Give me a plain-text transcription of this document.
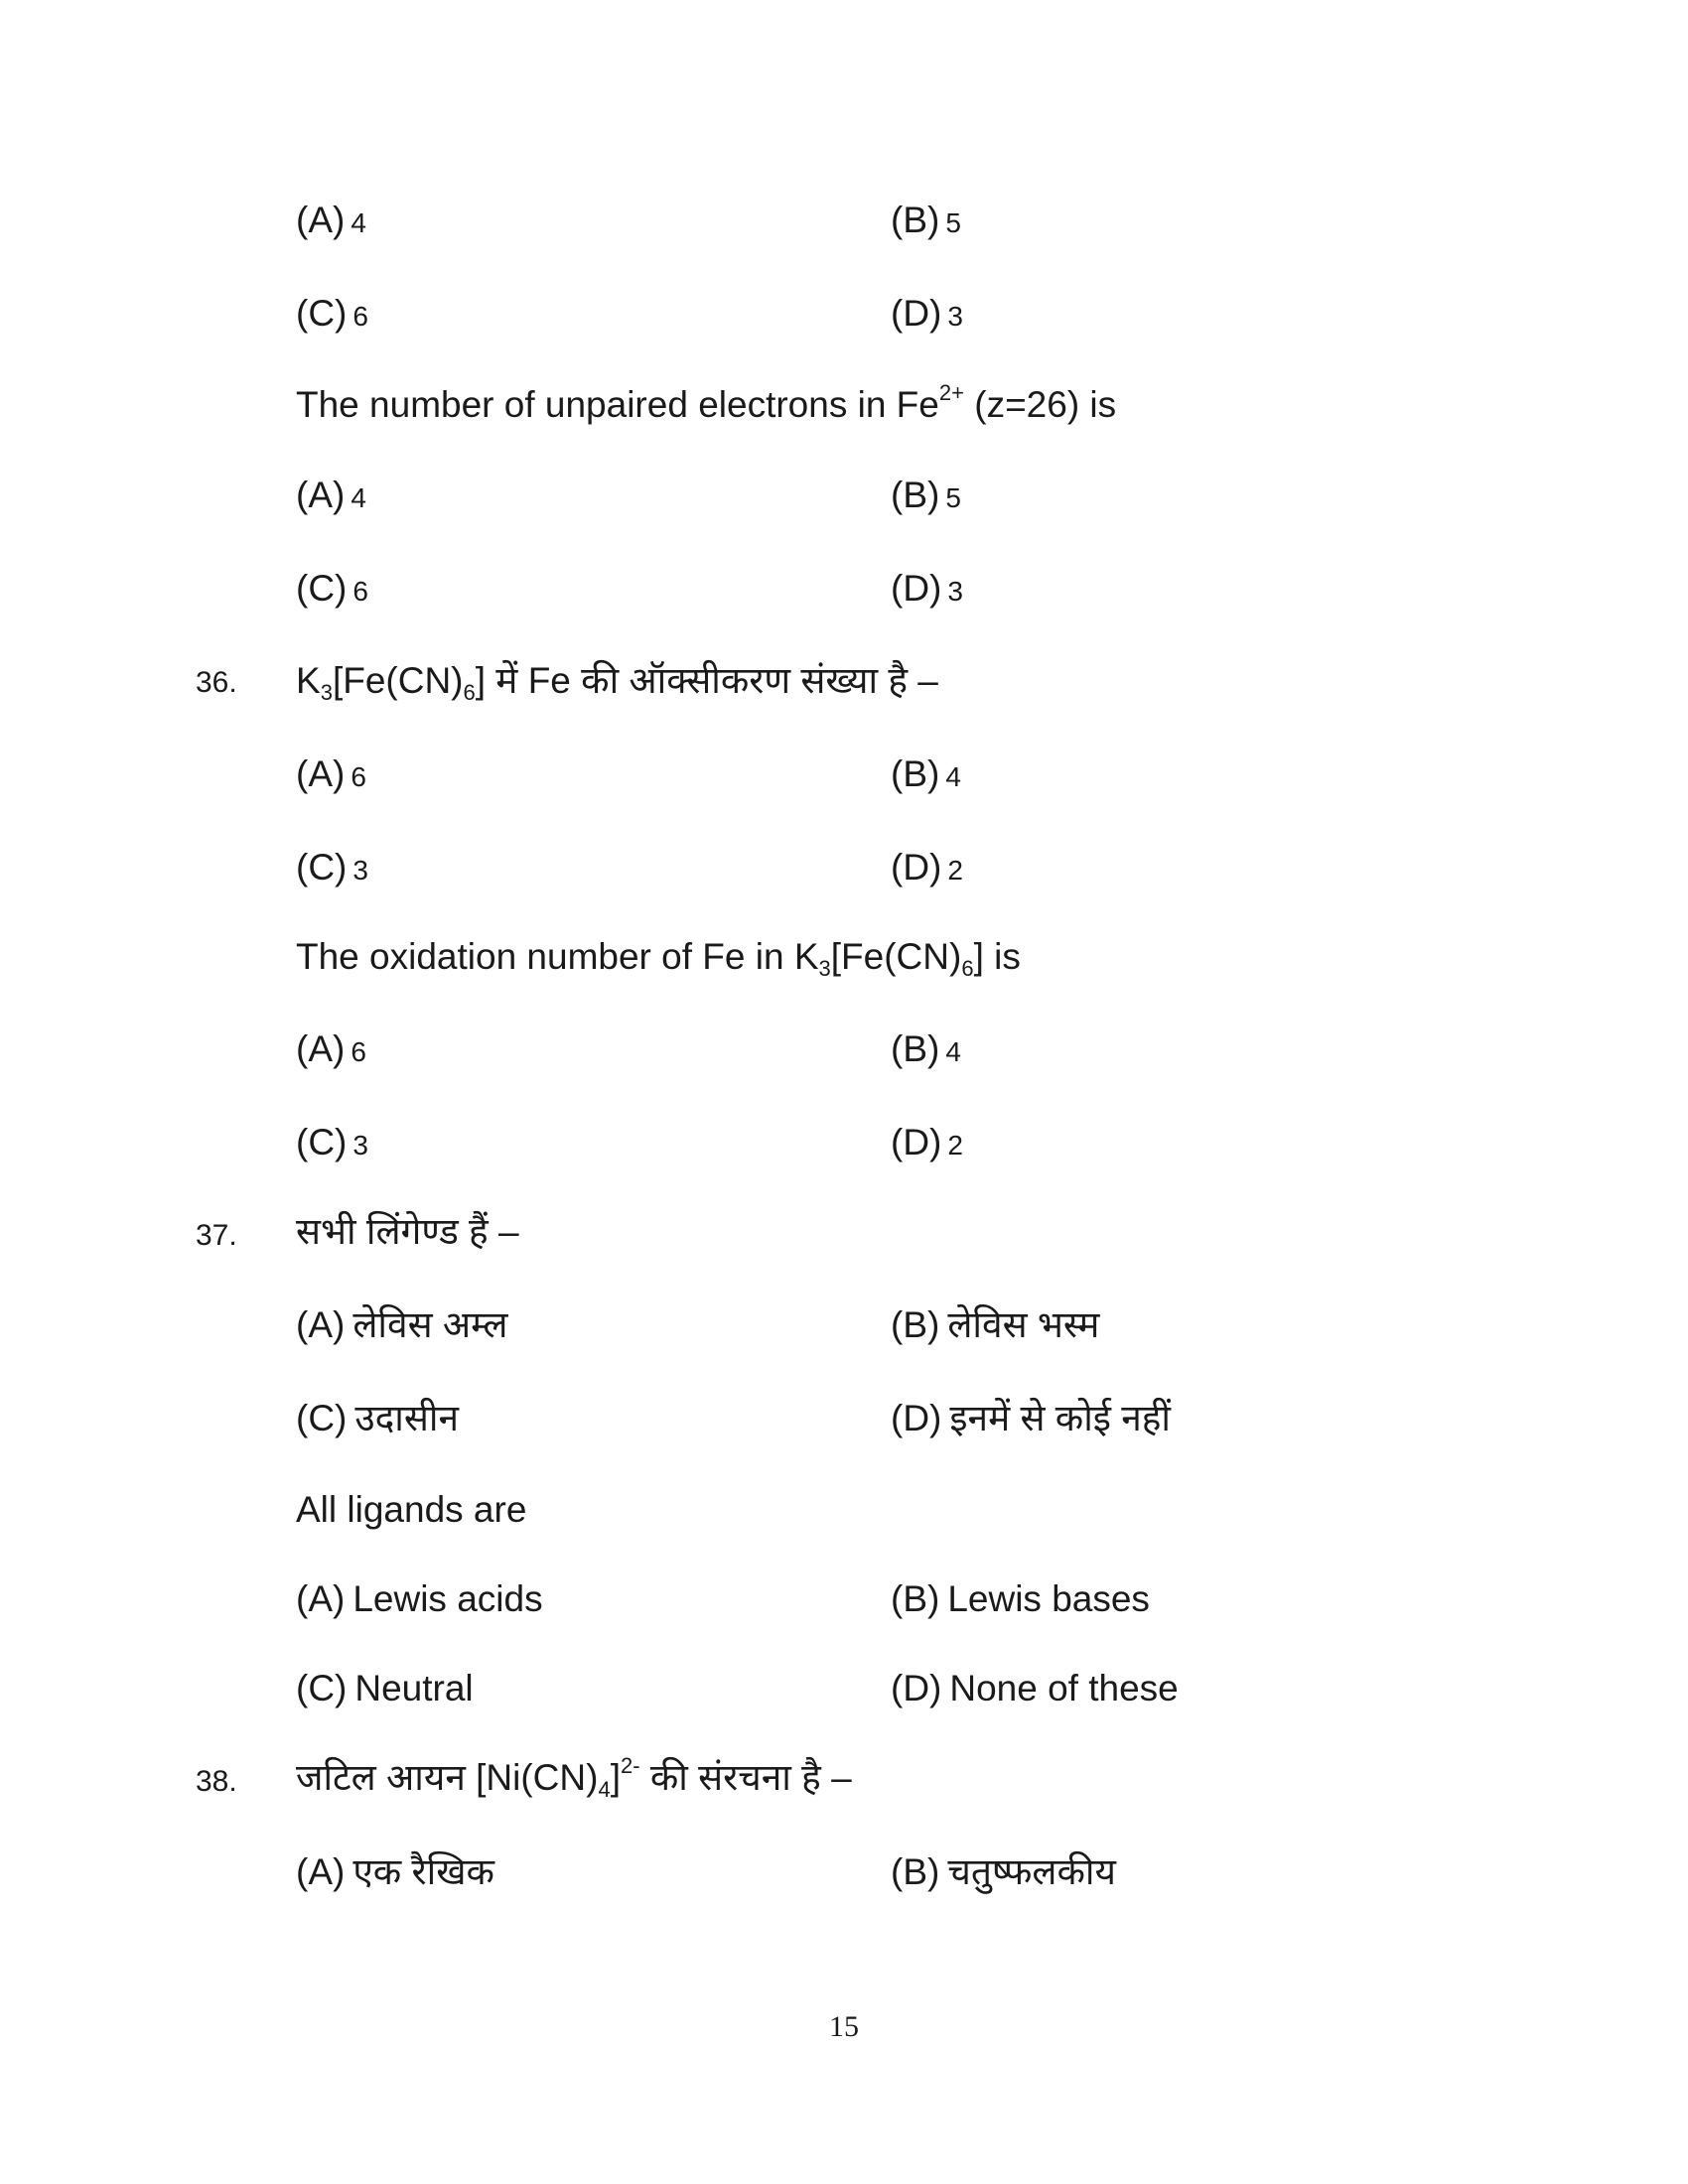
(A) 4	(B) 5
(C) 6	(D) 3
The number of unpaired electrons in $Fe^{2+}$ (z=26) is
(A) 4	(B) 5
(C) 6	(D) 3
36. $K_3[Fe(CN)_6]$ में Fe की ऑक्सीकरण संख्या है –
(A) 6	(B) 4
(C) 3	(D) 2
The oxidation number of Fe in $K_3[Fe(CN)_6]$ is
(A) 6	(B) 4
(C) 3	(D) 2
37. सभी लिंगेण्ड हैं –
(A) लेविस अम्ल	(B) लेविस भस्म
(C) उदासीन	(D) इनमें से कोई नहीं
All ligands are
(A) Lewis acids	(B) Lewis bases
(C) Neutral	(D) None of these
38. जटिल आयन $[Ni(CN)_4]^{2-}$ की संरचना है –
(A) एक रैखिक	(B) चतुष्फलकीय
15
